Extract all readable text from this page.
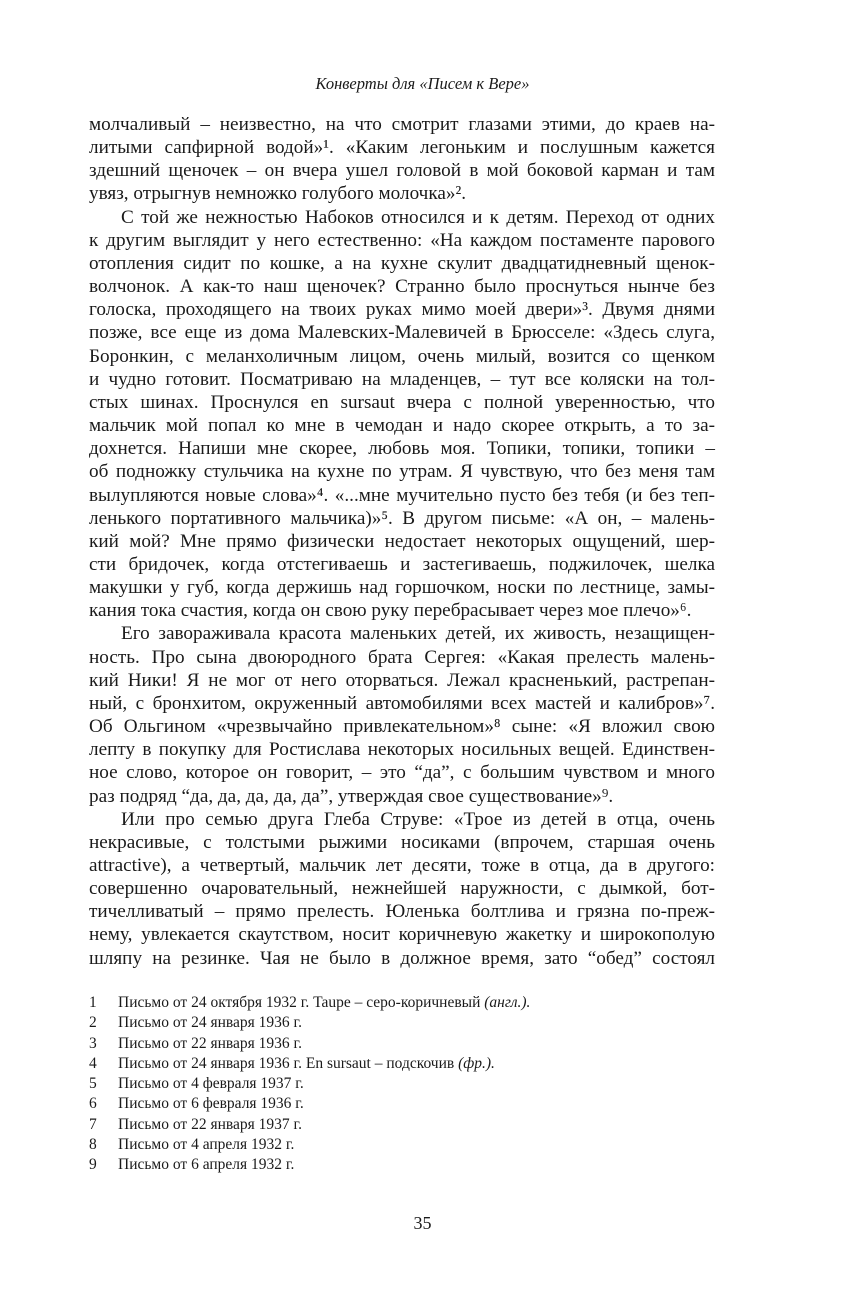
Конверты для «Писем к Вере»
молчаливый – неизвестно, на что смотрит глазами этими, до краев на-
литыми сапфирной водой»¹. «Каким легоньким и послушным кажется
здешний щеночек – он вчера ушел головой в мой боковой карман и там
увяз, отрыгнув немножко голубого молочка»².
С той же нежностью Набоков относился и к детям. Переход от одних
к другим выглядит у него естественно: «На каждом постаменте парового
отопления сидит по кошке, а на кухне скулит двадцатидневный щенок-
волчонок. А как-то наш щеночек? Странно было проснуться нынче без
голоска, проходящего на твоих руках мимо моей двери»³. Двумя днями
позже, все еще из дома Малевских-Малевичей в Брюсселе: «Здесь слуга,
Боронкин, с меланхоличным лицом, очень милый, возится со щенком
и чудно готовит. Посматриваю на младенцев, – тут все коляски на тол-
стых шинах. Проснулся en sursaut вчера с полной уверенностью, что
мальчик мой попал ко мне в чемодан и надо скорее открыть, а то за-
дохнется. Напиши мне скорее, любовь моя. Топики, топики, топики –
об подножку стульчика на кухне по утрам. Я чувствую, что без меня там
вылупляются новые слова»⁴. «...мне мучительно пусто без тебя (и без теп-
ленького портативного мальчика)»⁵. В другом письме: «А он, – малень-
кий мой? Мне прямо физически недостает некоторых ощущений, шер-
сти бридочек, когда отстегиваешь и застегиваешь, поджилочек, шелка
макушки у губ, когда держишь над горшочком, носки по лестнице, замы-
кания тока счастия, когда он свою руку перебрасывает через мое плечо»⁶.
Его завораживала красота маленьких детей, их живость, незащищен-
ность. Про сына двоюродного брата Сергея: «Какая прелесть малень-
кий Ники! Я не мог от него оторваться. Лежал красненький, растрепан-
ный, с бронхитом, окруженный автомобилями всех мастей и калибров»⁷.
Об Ольгином «чрезвычайно привлекательном»⁸ сыне: «Я вложил свою
лепту в покупку для Ростислава некоторых носильных вещей. Единствен-
ное слово, которое он говорит, – это “да”, с большим чувством и много
раз подряд “да, да, да, да, да”, утверждая свое существование»⁹.
Или про семью друга Глеба Струве: «Трое из детей в отца, очень
некрасивые, с толстыми рыжими носиками (впрочем, старшая очень
attractive), а четвертый, мальчик лет десяти, тоже в отца, да в другого:
совершенно очаровательный, нежнейшей наружности, с дымкой, бот-
тичелливатый – прямо прелесть. Юленька болтлива и грязна по-преж-
нему, увлекается скаутством, носит коричневую жакетку и широкополую
шляпу на резинке. Чая не было в должное время, зато “обед” состоял
1	Письмо от 24 октября 1932 г. Taupe – серо-коричневый (англ.).
2	Письмо от 24 января 1936 г.
3	Письмо от 22 января 1936 г.
4	Письмо от 24 января 1936 г. En sursaut – подскочив (фр.).
5	Письмо от 4 февраля 1937 г.
6	Письмо от 6 февраля 1936 г.
7	Письмо от 22 января 1937 г.
8	Письмо от 4 апреля 1932 г.
9	Письмо от 6 апреля 1932 г.
35
